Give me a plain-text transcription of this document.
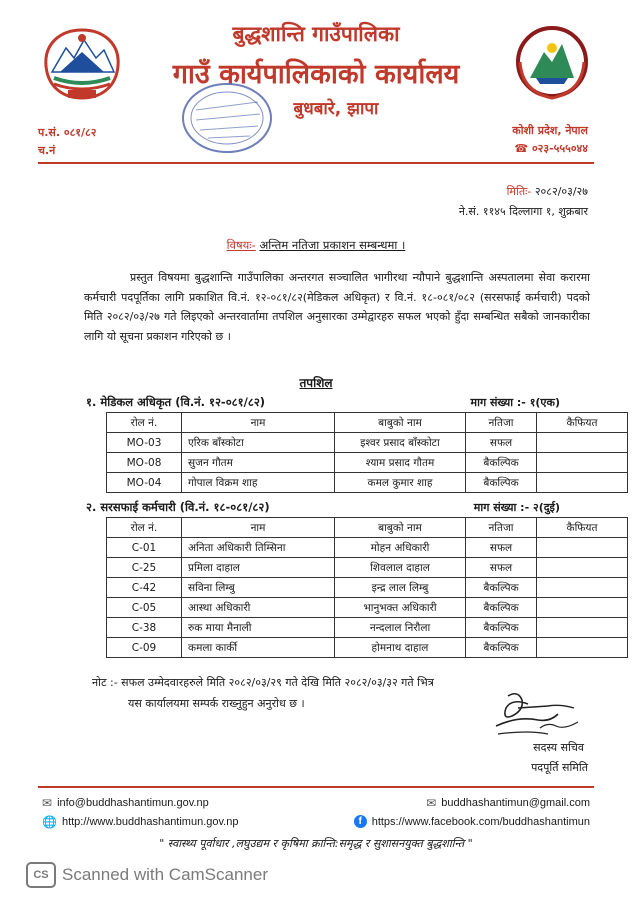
बुद्धशान्ति गाउँपालिका
गाउँ कार्यपालिकाको कार्यालय
बुधबारे, झापा
प.सं. ०८१/८२
च.नं
कोशी प्रदेश, नेपाल
☎ ०२३-५५५०४४
मितिः- २०८२/०३/२७
ने.सं. ११४५ दिल्लागा १, शुक्रबार
विषयः- अन्तिम नतिजा प्रकाशन सम्बन्धमा ।
प्रस्तुत विषयमा बुद्धशान्ति गाउँपालिका अन्तरगत सञ्चालित भागीरथा न्यौपाने बुद्धशान्ति अस्पतालमा सेवा करारमा कर्मचारी पदपूर्तिका लागि प्रकाशित वि.नं. १२-०८१/८२(मेडिकल अधिकृत) र वि.नं. १८-०८१/०८२ (सरसफाई कर्मचारी) पदको मिति २०८२/०३/२७ गते लिइएको अन्तरवार्तामा तपशिल अनुसारका उम्मेद्वारहरु सफल भएको हुँदा सम्बन्धित सबैको जानकारीका लागि यो सूचना प्रकाशन गरिएको छ ।
तपशिल
१. मेडिकल अधिकृत (वि.नं. १२-०८१/८२)	माग संख्या :- १(एक)
रोल नं.	नाम	बाबुको नाम	नतिजा	कैफियत
MO-03	एरिक बाँस्कोटा	इश्वर प्रसाद बाँस्कोटा	सफल	
MO-08	सुजन गौतम	श्याम प्रसाद गौतम	बैकल्पिक	
MO-04	गोपाल विक्रम शाह	कमल कुमार शाह	बैकल्पिक	
२. सरसफाई कर्मचारी (वि.नं. १८-०८१/८२)	माग संख्या :- २(दुई)
रोल नं.	नाम	बाबुको नाम	नतिजा	कैफियत
C-01	अनिता अधिकारी तिम्सिना	मोहन अधिकारी	सफल	
C-25	प्रमिला दाहाल	शिवलाल दाहाल	सफल	
C-42	सविना लिम्बु	इन्द्र लाल लिम्बु	बैकल्पिक	
C-05	आस्था अधिकारी	भानुभक्त अधिकारी	बैकल्पिक	
C-38	रुक माया मैनाली	नन्दलाल निरौला	बैकल्पिक	
C-09	कमला कार्की	होमनाथ दाहाल	बैकल्पिक	
नोट :- सफल उम्मेदवारहरुले मिति २०८२/०३/२९ गते देखि मिति २०८२/०३/३२ गते भित्र
यस कार्यालयमा सम्पर्क राख्नुहुन अनुरोध छ ।
सदस्य सचिव
पदपूर्ति समिति
✉ info@buddhashantimun.gov.np	✉ buddhashantimun@gmail.com
🌐 http://www.buddhashantimun.gov.np	f https://www.facebook.com/buddhashantimun
" स्वास्थ्य पूर्वाधार ,लघुउद्यम र कृषिमा क्रान्ति:समृद्ध र सुशासनयुक्त बुद्धशान्ति "
CS Scanned with CamScanner
